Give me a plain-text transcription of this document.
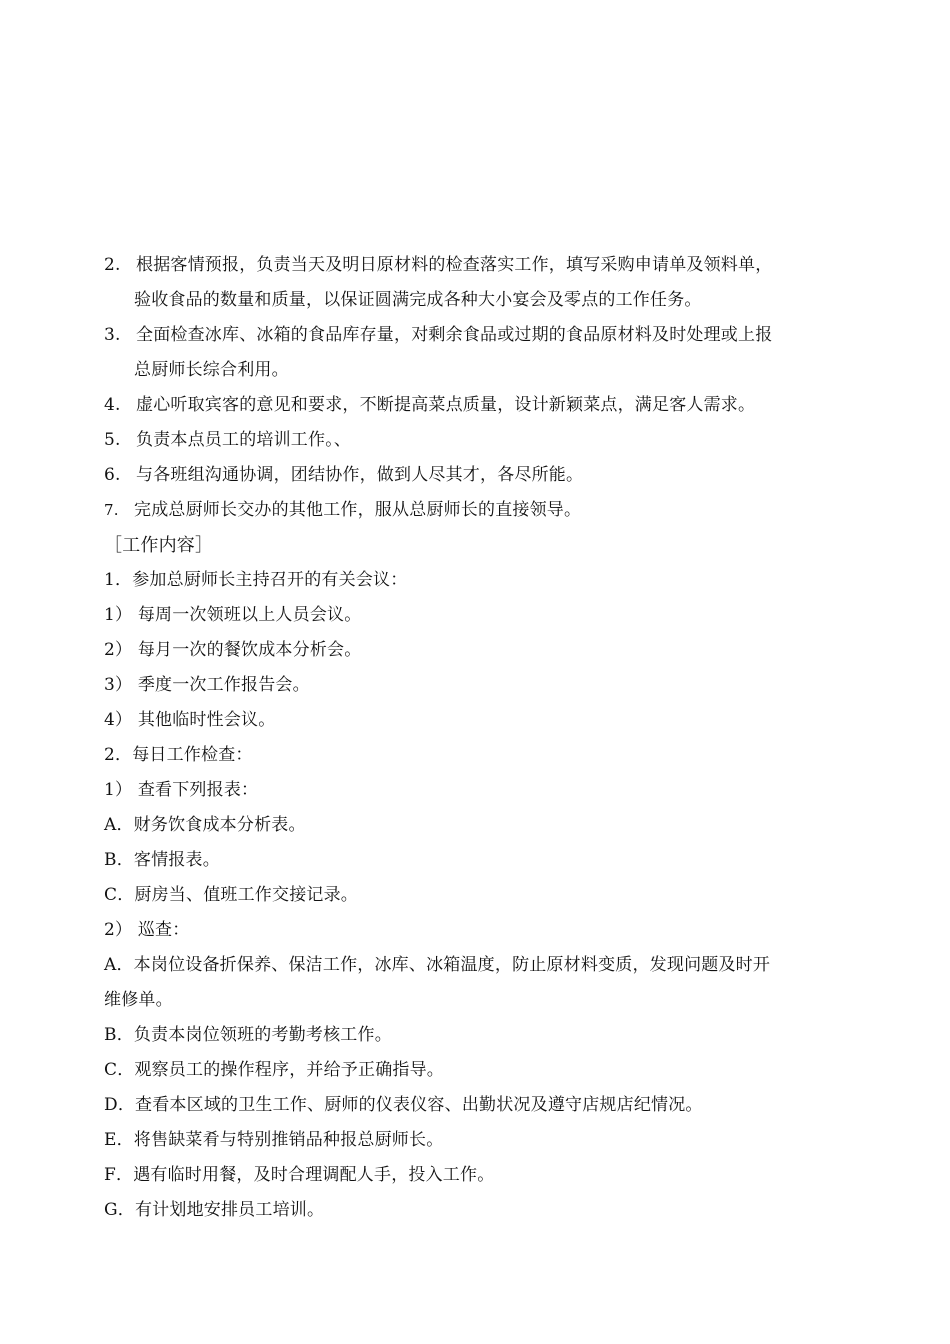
2. 根据客情预报，负责当天及明日原材料的检查落实工作，填写采购申请单及领料单，
验收食品的数量和质量，以保证圆满完成各种大小宴会及零点的工作任务。
3. 全面检查冰库、冰箱的食品库存量，对剩余食品或过期的食品原材料及时处理或上报
总厨师长综合利用。
4. 虚心听取宾客的意见和要求，不断提高菜点质量，设计新颖菜点，满足客人需求。
5. 负责本点员工的培训工作。、
6. 与各班组沟通协调，团结协作，做到人尽其才，各尽所能。
7. 完成总厨师长交办的其他工作，服从总厨师长的直接领导。
［工作内容］
1．参加总厨师长主持召开的有关会议：
1） 每周一次领班以上人员会议。
2） 每月一次的餐饮成本分析会。
3） 季度一次工作报告会。
4） 其他临时性会议。
2．每日工作检查：
1） 查看下列报表：
A．财务饮食成本分析表。
B．客情报表。
C．厨房当、值班工作交接记录。
2） 巡查：
A．本岗位设备折保养、保洁工作，冰库、冰箱温度，防止原材料变质，发现问题及时开
维修单。
B．负责本岗位领班的考勤考核工作。
C．观察员工的操作程序，并给予正确指导。
D．查看本区域的卫生工作、厨师的仪表仪容、出勤状况及遵守店规店纪情况。
E．将售缺菜肴与特别推销品种报总厨师长。
F．遇有临时用餐，及时合理调配人手，投入工作。
G．有计划地安排员工培训。
